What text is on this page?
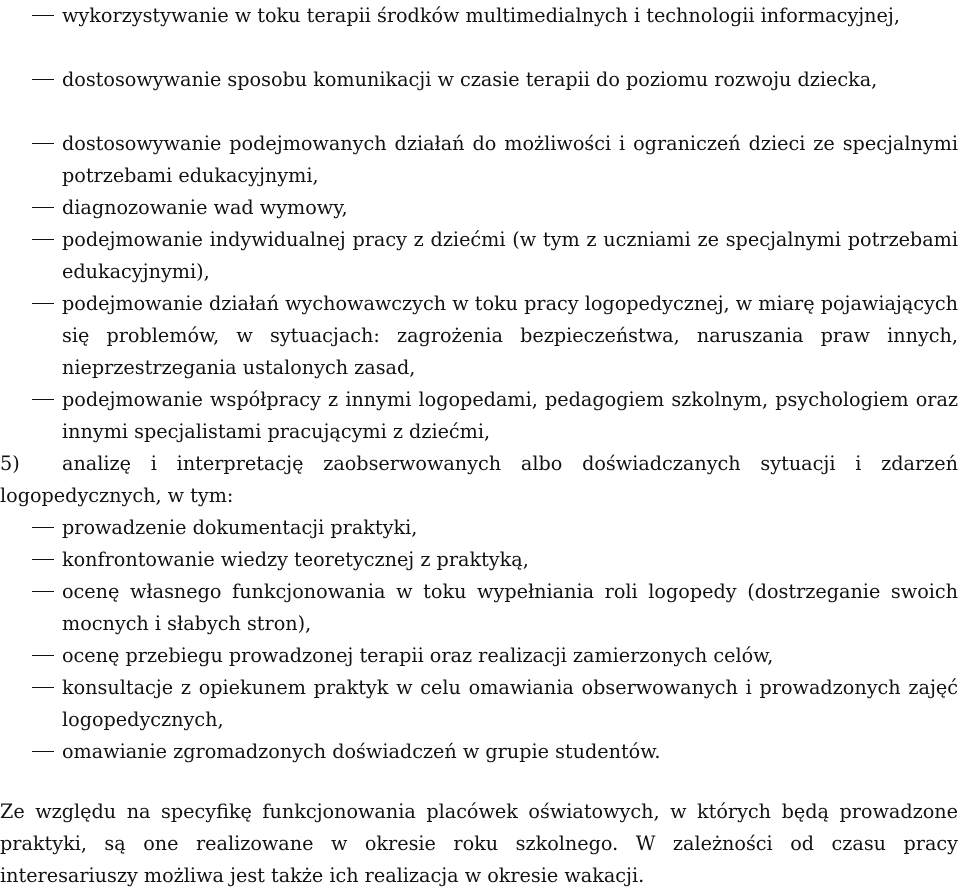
wykorzystywanie w toku terapii środków multimedialnych i technologii informacyjnej,
dostosowywanie sposobu komunikacji w czasie terapii do poziomu rozwoju dziecka,
dostosowywanie podejmowanych działań do możliwości i ograniczeń dzieci ze specjalnymi potrzebami edukacyjnymi,
diagnozowanie wad wymowy,
podejmowanie indywidualnej pracy z dziećmi (w tym z uczniami ze specjalnymi potrzebami edukacyjnymi),
podejmowanie działań wychowawczych w toku pracy logopedycznej, w miarę pojawiających się problemów, w sytuacjach: zagrożenia bezpieczeństwa, naruszania praw innych, nieprzestrzegania ustalonych zasad,
podejmowanie współpracy z innymi logopedami, pedagogiem szkolnym, psychologiem oraz innymi specjalistami pracującymi z dziećmi,
5)	analizę i interpretację zaobserwowanych albo doświadczanych sytuacji i zdarzeń logopedycznych, w tym:
prowadzenie dokumentacji praktyki,
konfrontowanie wiedzy teoretycznej z praktyką,
ocenę własnego funkcjonowania w toku wypełniania roli logopedy (dostrzeganie swoich mocnych i słabych stron),
ocenę przebiegu prowadzonej terapii oraz realizacji zamierzonych celów,
konsultacje z opiekunem praktyk w celu omawiania obserwowanych i prowadzonych zajęć logopedycznych,
omawianie zgromadzonych doświadczeń w grupie studentów.
Ze względu na specyfikę funkcjonowania placówek oświatowych, w których będą prowadzone praktyki, są one realizowane w okresie roku szkolnego. W zależności od czasu pracy interesariuszy możliwa jest także ich realizacja w okresie wakacji.
